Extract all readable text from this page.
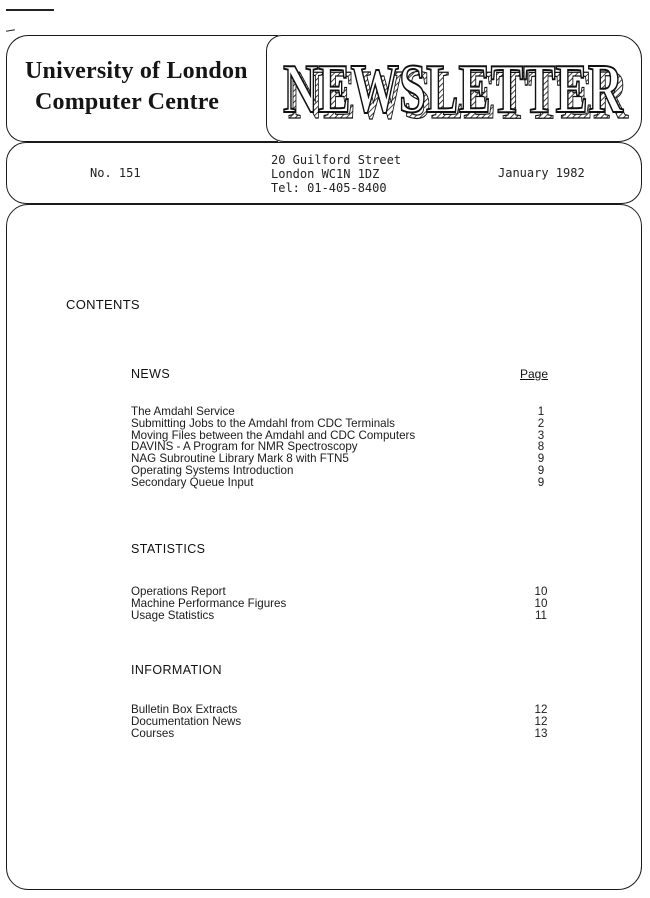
University of London
Computer Centre NEWSLETTER
NEWSLETTER
No. 151
20 Guilford Street
London WC1N 1DZ
Tel: 01-405-8400
January 1982
CONTENTS
Page
NEWS
The Amdahl Service	1
Submitting Jobs to the Amdahl from CDC Terminals	2
Moving Files between the Amdahl and CDC Computers	3
DAVINS - A Program for NMR Spectroscopy	8
NAG Subroutine Library Mark 8 with FTN5	9
Operating Systems Introduction	9
Secondary Queue Input	9
STATISTICS
Operations Report	10
Machine Performance Figures	10
Usage Statistics	11
INFORMATION
Bulletin Box Extracts	12
Documentation News	12
Courses	13
